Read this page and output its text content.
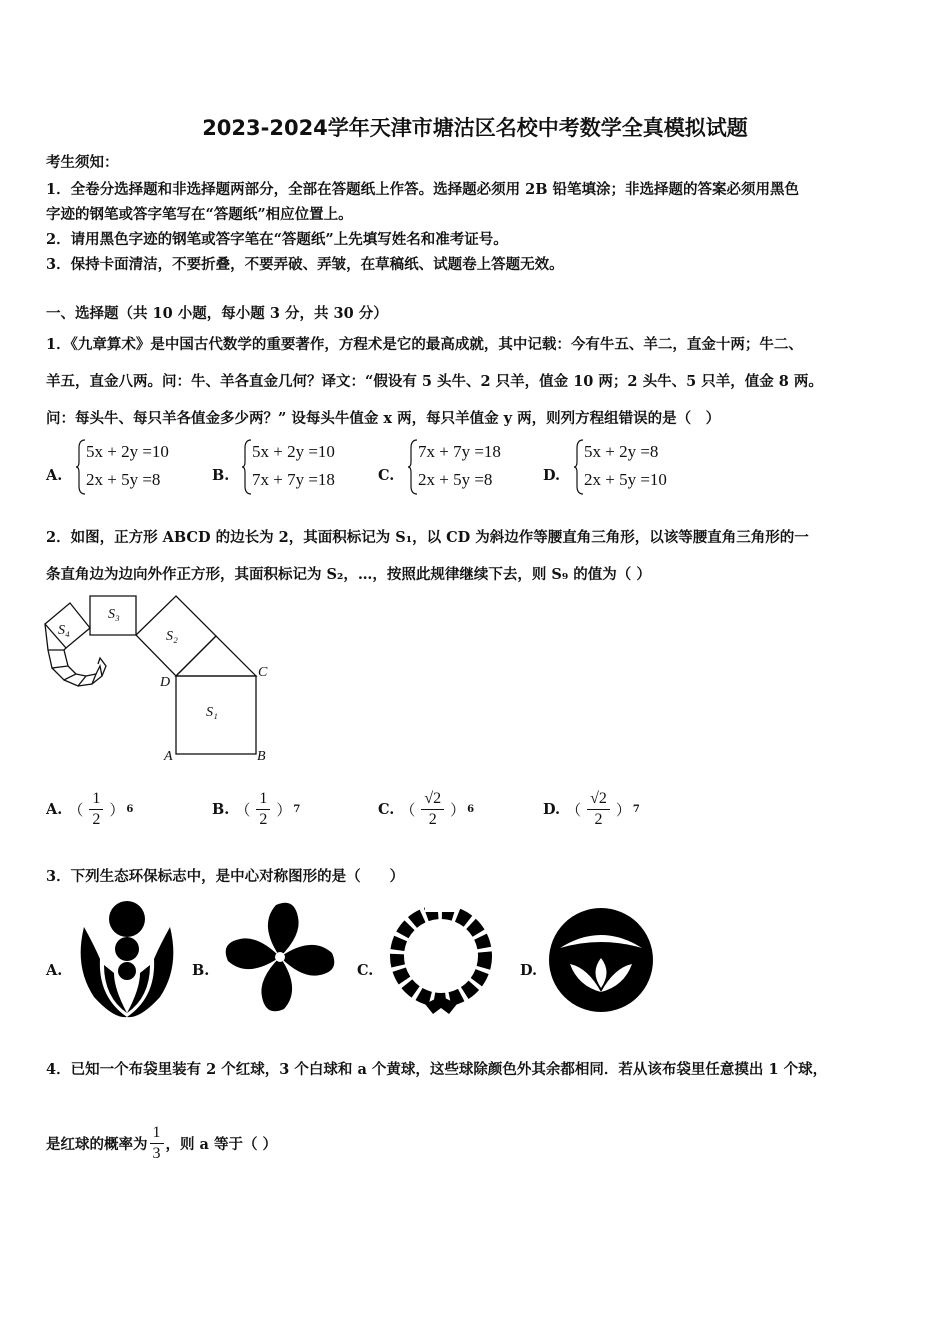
2023-2024学年天津市塘沽区名校中考数学全真模拟试题
考生须知：
1．全卷分选择题和非选择题两部分，全部在答题纸上作答。选择题必须用 2B 铅笔填涂；非选择题的答案必须用黑色
字迹的钢笔或答字笔写在“答题纸”相应位置上。
2．请用黑色字迹的钢笔或答字笔在“答题纸”上先填写姓名和准考证号。
3．保持卡面清洁，不要折叠，不要弄破、弄皱，在草稿纸、试题卷上答题无效。
一、选择题（共 10 小题，每小题 3 分，共 30 分）
1．《九章算术》是中国古代数学的重要著作，方程术是它的最高成就，其中记载：今有牛五、羊二，直金十两；牛二、
羊五，直金八两。问：牛、羊各直金几何？译文：“假设有 5 头牛、2 只羊，值金 10 两；2 头牛、5 只羊，值金 8 两。
问：每头牛、每只羊各值金多少两？” 设每头牛值金 x 两，每只羊值金 y 两，则列方程组错误的是（　）
A.
5x + 2y =10
2x + 5y =8	B.
5x + 2y =10
7x + 7y =18	C.
7x + 7y =18
2x + 5y =8	D.
5x + 2y =8
2x + 5y =10
2．如图，正方形 ABCD 的边长为 2，其面积标记为 S₁，以 CD 为斜边作等腰直角三角形，以该等腰直角三角形的一
条直角边为边向外作正方形，其面积标记为 S₂，…，按照此规律继续下去，则 S₉ 的值为（ ）
S₁
S₂
S₃
S₄
A	B
C
D
A. （ $\frac{1}{2}$ ） 6	B. （ $\frac{1}{2}$ ） 7	C. （ $\frac{√2}{2}$ ） 6	D. （ $\frac{√2}{2}$ ） 7
3．下列生态环保标志中，是中心对称图形的是（　　）
A.	B.	C.	D.
4．已知一个布袋里装有 2 个红球，3 个白球和 a 个黄球，这些球除颜色外其余都相同．若从该布袋里任意摸出 1 个球，
是红球的概率为 $\frac{1}{3}$ ，则 a 等于（ ）
